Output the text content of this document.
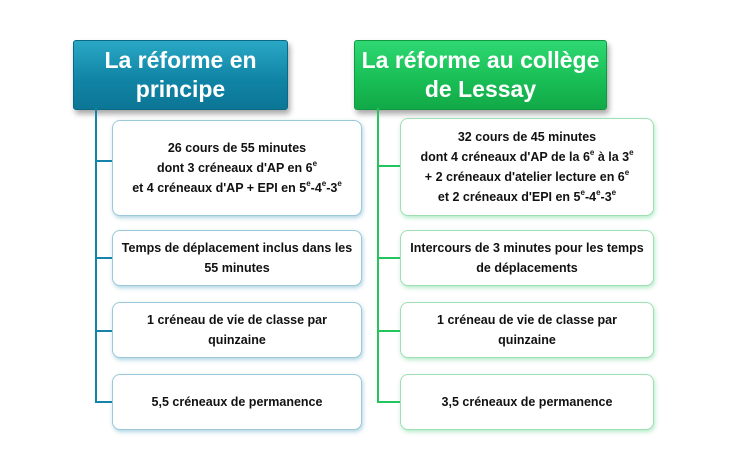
La réforme en principe
26 cours de 55 minutes
dont 3 créneaux d'AP en 6e
et 4 créneaux d'AP + EPI en 5e-4e-3e
Temps de déplacement inclus dans les
55 minutes
1 créneau de vie de classe par
quinzaine
5,5 créneaux de permanence
La réforme au collège de Lessay
32 cours de 45 minutes
dont 4 créneaux d'AP de la 6e à la $3^e$
+ 2 créneaux d'atelier lecture en 6e
et 2 créneaux d'EPI en 5e-4e-3e
Intercours de 3 minutes pour les temps
de déplacements
1 créneau de vie de classe par
quinzaine
3,5 créneaux de permanence
